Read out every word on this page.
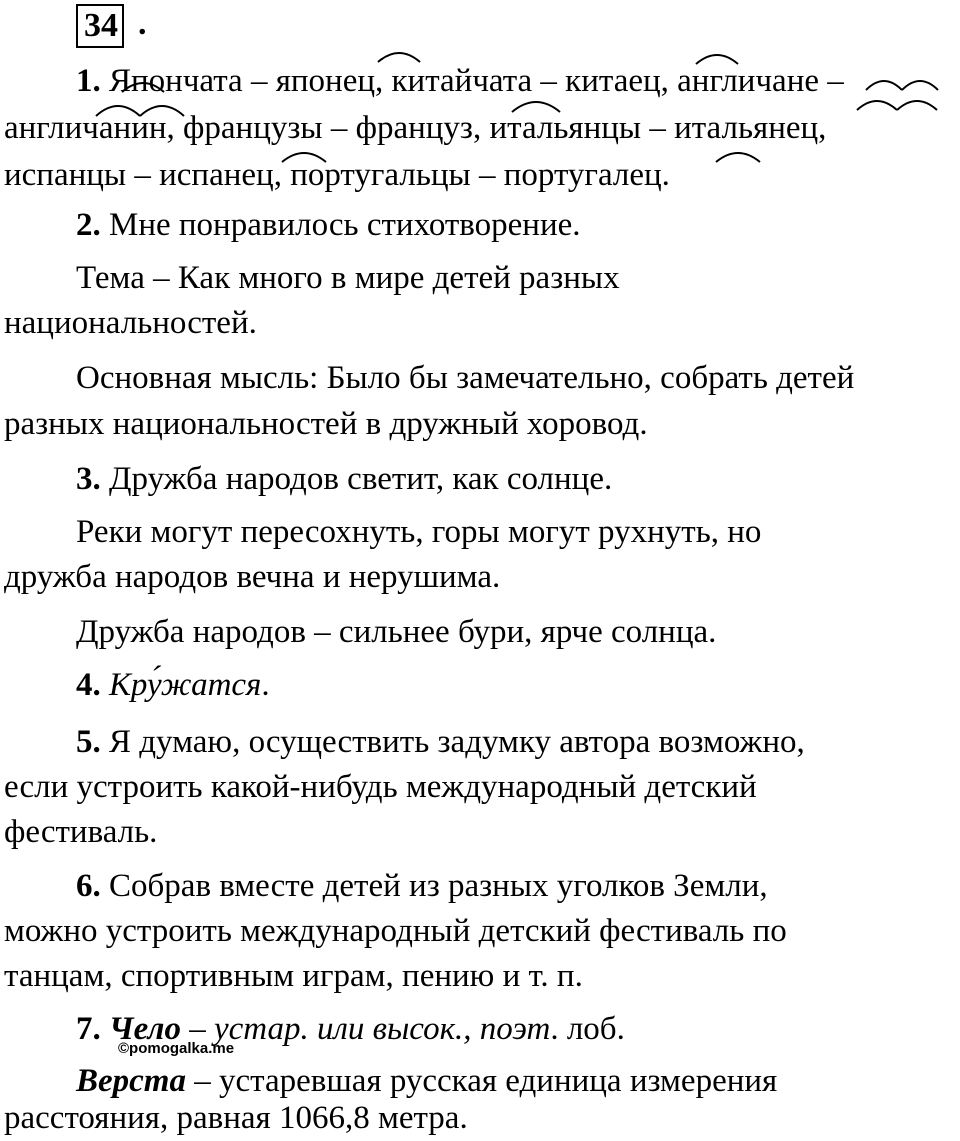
34 .
1. Япончата – японец, китайчата – китаец, англичане –
англичанин, французы – француз, итальянцы – итальянец,
испанцы – испанец, португальцы – португалец.
2. Мне понравилось стихотворение.
Тема – Как много в мире детей разных
национальностей.
Основная мысль: Было бы замечательно, собрать детей
разных национальностей в дружный хоровод.
3. Дружба народов светит, как солнце.
Реки могут пересохнуть, горы могут рухнуть, но
дружба народов вечна и нерушима.
Дружба народов – сильнее бури, ярче солнца.
4. Кру́жатся.
5. Я думаю, осуществить задумку автора возможно,
если устроить какой-нибудь международный детский
фестиваль.
6. Собрав вместе детей из разных уголков Земли,
можно устроить международный детский фестиваль по
танцам, спортивным играм, пению и т. п.
7. Чело – устар. или высок., поэт. лоб.
Верста – устаревшая русская единица измерения
расстояния, равная 1066,8 метра.
©pomogalka.me
